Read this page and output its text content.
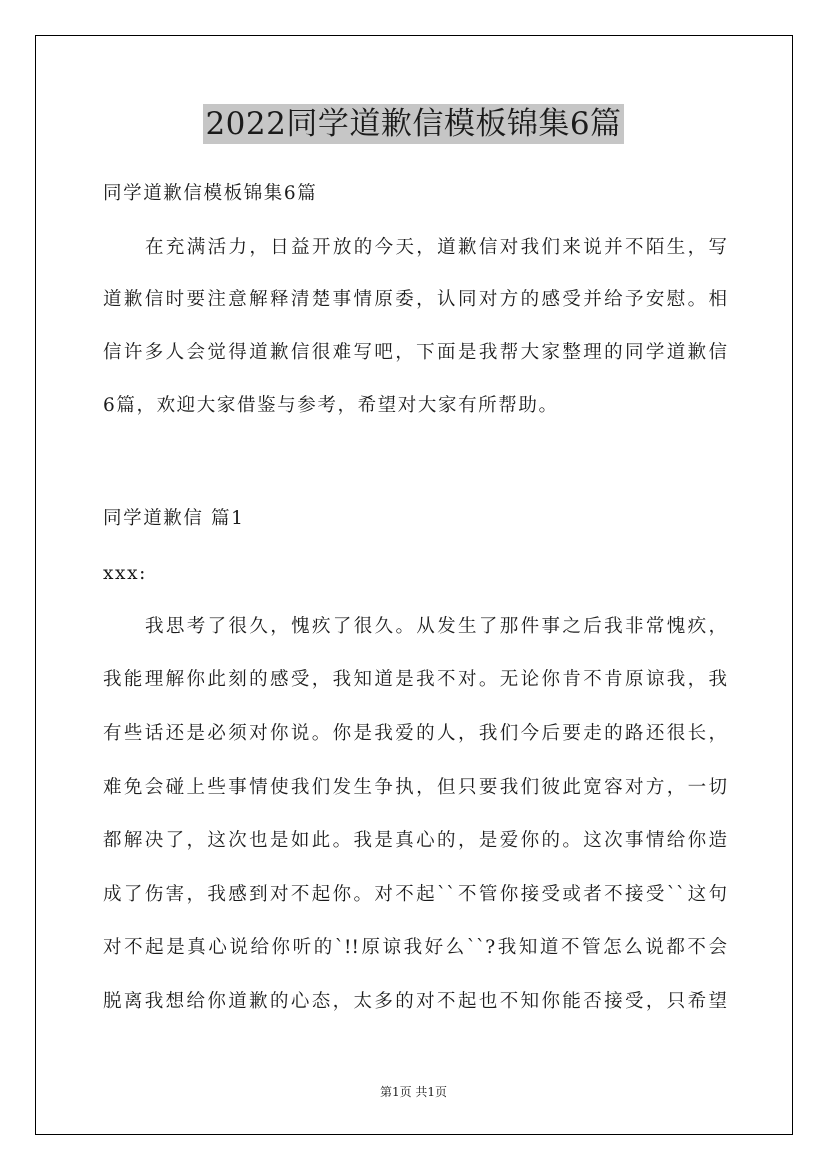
2022同学道歉信模板锦集6篇
同学道歉信模板锦集6篇
在充满活力，日益开放的今天，道歉信对我们来说并不陌生，写
道歉信时要注意解释清楚事情原委，认同对方的感受并给予安慰。相
信许多人会觉得道歉信很难写吧，下面是我帮大家整理的同学道歉信
6篇，欢迎大家借鉴与参考，希望对大家有所帮助。
同学道歉信 篇1
xxx:
我思考了很久，愧疚了很久。从发生了那件事之后我非常愧疚，
我能理解你此刻的感受，我知道是我不对。无论你肯不肯原谅我，我
有些话还是必须对你说。你是我爱的人，我们今后要走的路还很长，
难免会碰上些事情使我们发生争执，但只要我们彼此宽容对方，一切
都解决了，这次也是如此。我是真心的，是爱你的。这次事情给你造
成了伤害，我感到对不起你。对不起``不管你接受或者不接受``这句
对不起是真心说给你听的`!!原谅我好么``?我知道不管怎么说都不会
脱离我想给你道歉的心态，太多的对不起也不知你能否接受，只希望
第1页 共1页
